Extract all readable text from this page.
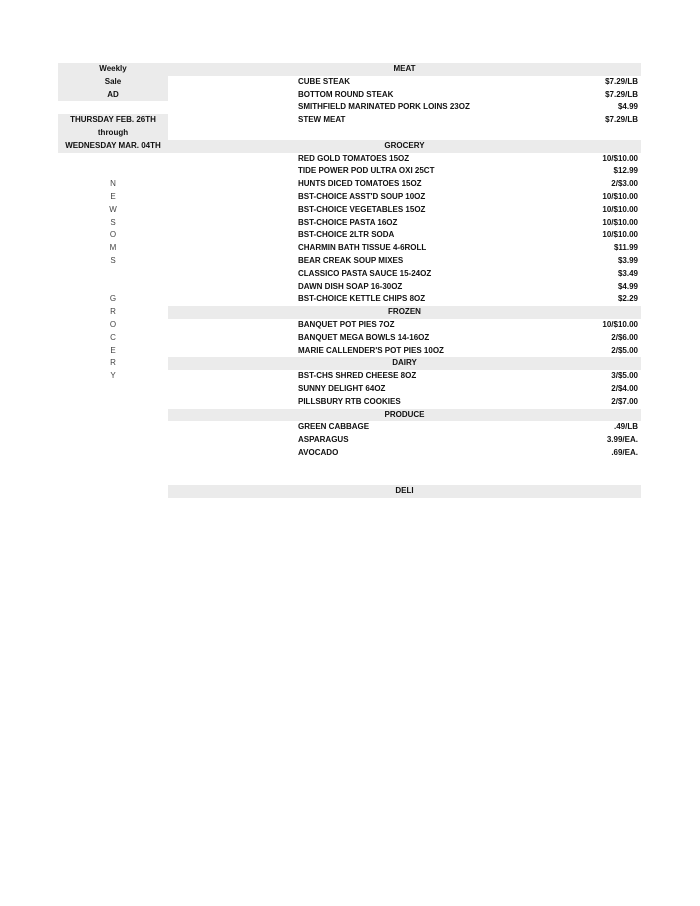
Weekly
Sale
AD
THURSDAY FEB. 26TH
through
WEDNESDAY MAR. 04TH
N
E
W
S
O
M
S
G
R
O
C
E
R
Y
MEAT
CUBE STEAK	$7.29/LB
BOTTOM ROUND STEAK	$7.29/LB
SMITHFIELD MARINATED PORK LOINS 23OZ	$4.99
STEW MEAT	$7.29/LB
GROCERY
RED GOLD TOMATOES 15OZ	10/$10.00
TIDE POWER POD ULTRA OXI 25CT	$12.99
HUNTS DICED TOMATOES 15OZ	2/$3.00
BST-CHOICE ASST'D SOUP 10OZ	10/$10.00
BST-CHOICE VEGETABLES 15OZ	10/$10.00
BST-CHOICE PASTA 16OZ	10/$10.00
BST-CHOICE 2LTR SODA	10/$10.00
CHARMIN BATH TISSUE 4-6ROLL	$11.99
BEAR CREAK SOUP MIXES	$3.99
CLASSICO PASTA SAUCE 15-24OZ	$3.49
DAWN DISH SOAP 16-30OZ	$4.99
BST-CHOICE KETTLE CHIPS 8OZ	$2.29
FROZEN
BANQUET POT PIES 7OZ	10/$10.00
BANQUET MEGA BOWLS 14-16OZ	2/$6.00
MARIE CALLENDER'S POT PIES 10OZ	2/$5.00
DAIRY
BST-CHS SHRED CHEESE 8OZ	3/$5.00
SUNNY DELIGHT 64OZ	2/$4.00
PILLSBURY RTB COOKIES	2/$7.00
PRODUCE
GREEN CABBAGE	.49/LB
ASPARAGUS	3.99/EA.
AVOCADO	.69/EA.
DELI
